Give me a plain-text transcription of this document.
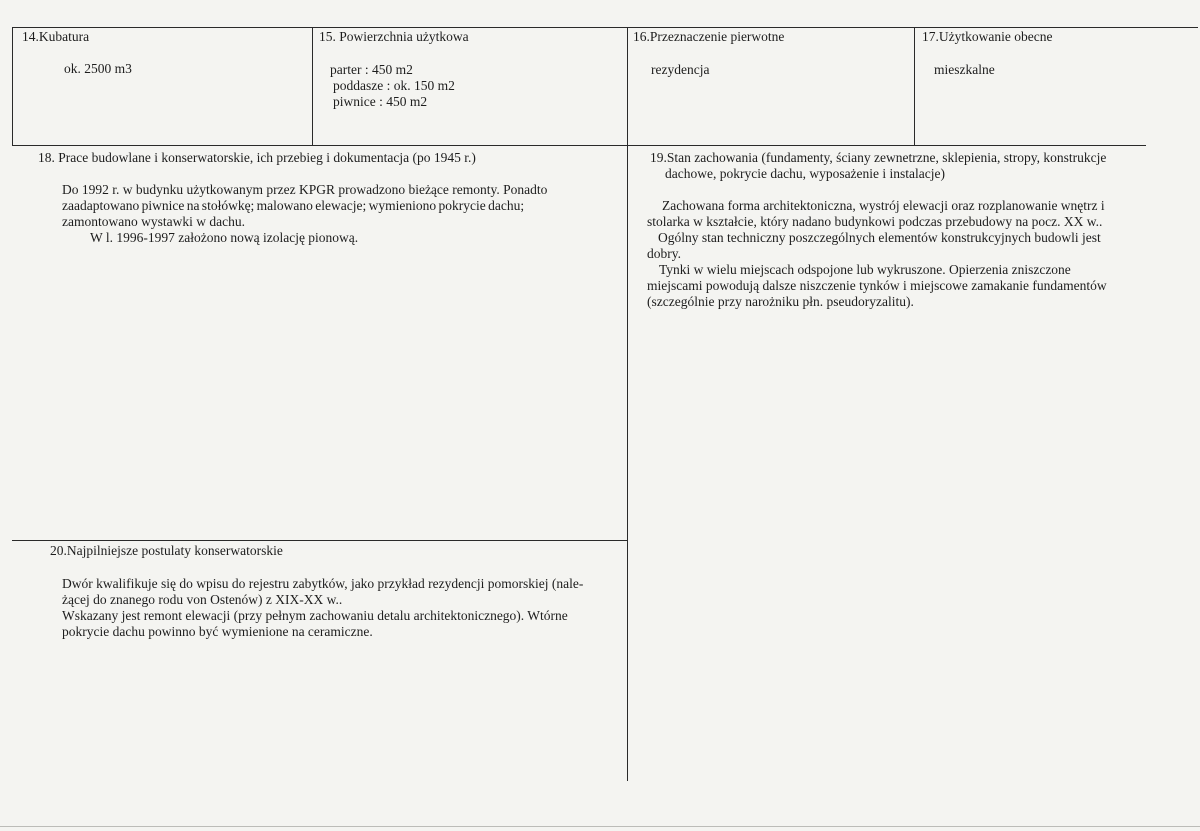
14.Kubatura
ok. 2500 m3
15. Powierzchnia użytkowa
parter : 450 m2
poddasze : ok. 150 m2
piwnice : 450 m2
16.Przeznaczenie pierwotne
rezydencja
17.Użytkowanie obecne
mieszkalne
18. Prace budowlane i konserwatorskie, ich przebieg i dokumentacja (po 1945 r.)
Do 1992 r. w budynku użytkowanym przez KPGR prowadzono bieżące remonty. Ponadto
zaadaptowano piwnice na stołówkę; malowano elewacje; wymieniono pokrycie dachu;
zamontowano wystawki w dachu.
W l. 1996-1997 założono nową izolację pionową.
19.Stan zachowania (fundamenty, ściany zewnetrzne, sklepienia, stropy, konstrukcje
dachowe, pokrycie dachu, wyposażenie i instalacje)
Zachowana forma architektoniczna, wystrój elewacji oraz rozplanowanie wnętrz i
stolarka w kształcie, który nadano budynkowi podczas przebudowy na pocz. XX w..
Ogólny stan technicznу poszczególnych elementów konstrukcyjnych budowli jest
dobry.
Tynki w wielu miejscach odspojone lub wykruszone. Opierzenia zniszczone
miejscami powodują dalsze niszczenie tynków i miejscowe zamakanie fundamentów
(szczególnie przy narożniku płn. pseudoryzalitu).
20.Najpilniejsze postulaty konserwatorskie
Dwór kwalifikuje się do wpisu do rejestru zabytków, jako przykład rezydencji pomorskiej (nale-
żącej do znanego rodu von Ostenów) z XIX-XX w..
Wskazany jest remont elewacji (przy pełnym zachowaniu detalu architektonicznego). Wtórne
pokrycie dachu powinno być wymienione na ceramiczne.
